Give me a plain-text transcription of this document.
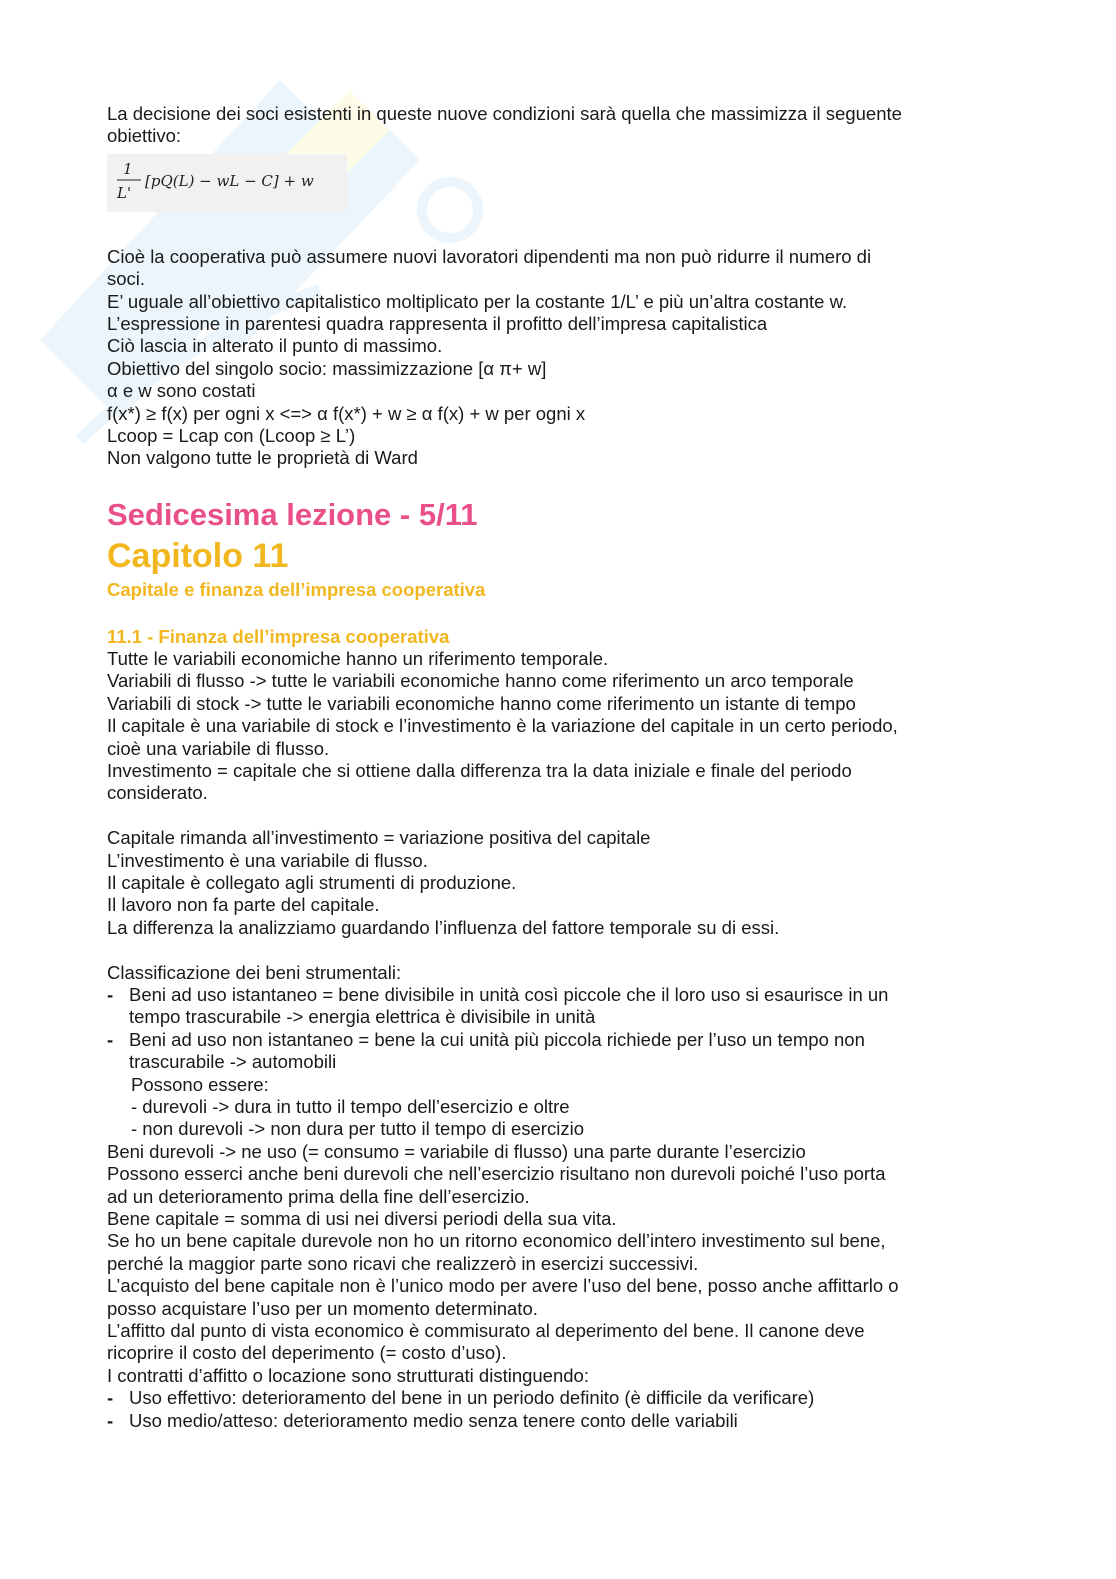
La decisione dei soci esistenti in queste nuove condizioni sarà quella che massimizza il seguente
obiettivo:
1
L'
[pQ(L) − wL − C] + w
Cioè la cooperativa può assumere nuovi lavoratori dipendenti ma non può ridurre il numero di
soci.
E’ uguale all’obiettivo capitalistico moltiplicato per la costante 1/L’ e più un’altra costante w.
L’espressione in parentesi quadra rappresenta il profitto dell’impresa capitalistica
Ciò lascia in alterato il punto di massimo.
Obiettivo del singolo socio: massimizzazione [α π+ w]
α e w sono costati
f(x*) ≥ f(x) per ogni x <=> α f(x*) + w ≥ α f(x) + w per ogni x
Lcoop = Lcap con (Lcoop ≥ L’)
Non valgono tutte le proprietà di Ward
Sedicesima lezione - 5/11
Capitolo 11
Capitale e finanza dell’impresa cooperativa
11.1 - Finanza dell’impresa cooperativa
Tutte le variabili economiche hanno un riferimento temporale.
Variabili di flusso -> tutte le variabili economiche hanno come riferimento un arco temporale
Variabili di stock -> tutte le variabili economiche hanno come riferimento un istante di tempo
Il capitale è una variabile di stock e l’investimento è la variazione del capitale in un certo periodo,
cioè una variabile di flusso.
Investimento = capitale che si ottiene dalla differenza tra la data iniziale e finale del periodo
considerato.
Capitale rimanda all’investimento = variazione positiva del capitale
L’investimento è una variabile di flusso.
Il capitale è collegato agli strumenti di produzione.
Il lavoro non fa parte del capitale.
La differenza la analizziamo guardando l’influenza del fattore temporale su di essi.
Classificazione dei beni strumentali:
- Beni ad uso istantaneo = bene divisibile in unità così piccole che il loro uso si esaurisce in un
tempo trascurabile -> energia elettrica è divisibile in unità
- Beni ad uso non istantaneo = bene la cui unità più piccola richiede per l’uso un tempo non
trascurabile -> automobili
Possono essere:
- durevoli -> dura in tutto il tempo dell’esercizio e oltre
- non durevoli -> non dura per tutto il tempo di esercizio
Beni durevoli -> ne uso (= consumo = variabile di flusso) una parte durante l’esercizio
Possono esserci anche beni durevoli che nell’esercizio risultano non durevoli poiché l’uso porta
ad un deterioramento prima della fine dell’esercizio.
Bene capitale = somma di usi nei diversi periodi della sua vita.
Se ho un bene capitale durevole non ho un ritorno economico dell’intero investimento sul bene,
perché la maggior parte sono ricavi che realizzerò in esercizi successivi.
L’acquisto del bene capitale non è l’unico modo per avere l’uso del bene, posso anche affittarlo o
posso acquistare l’uso per un momento determinato.
L’affitto dal punto di vista economico è commisurato al deperimento del bene. Il canone deve
ricoprire il costo del deperimento (= costo d’uso).
I contratti d’affitto o locazione sono strutturati distinguendo:
- Uso effettivo: deterioramento del bene in un periodo definito (è difficile da verificare)
- Uso medio/atteso: deterioramento medio senza tenere conto delle variabili
